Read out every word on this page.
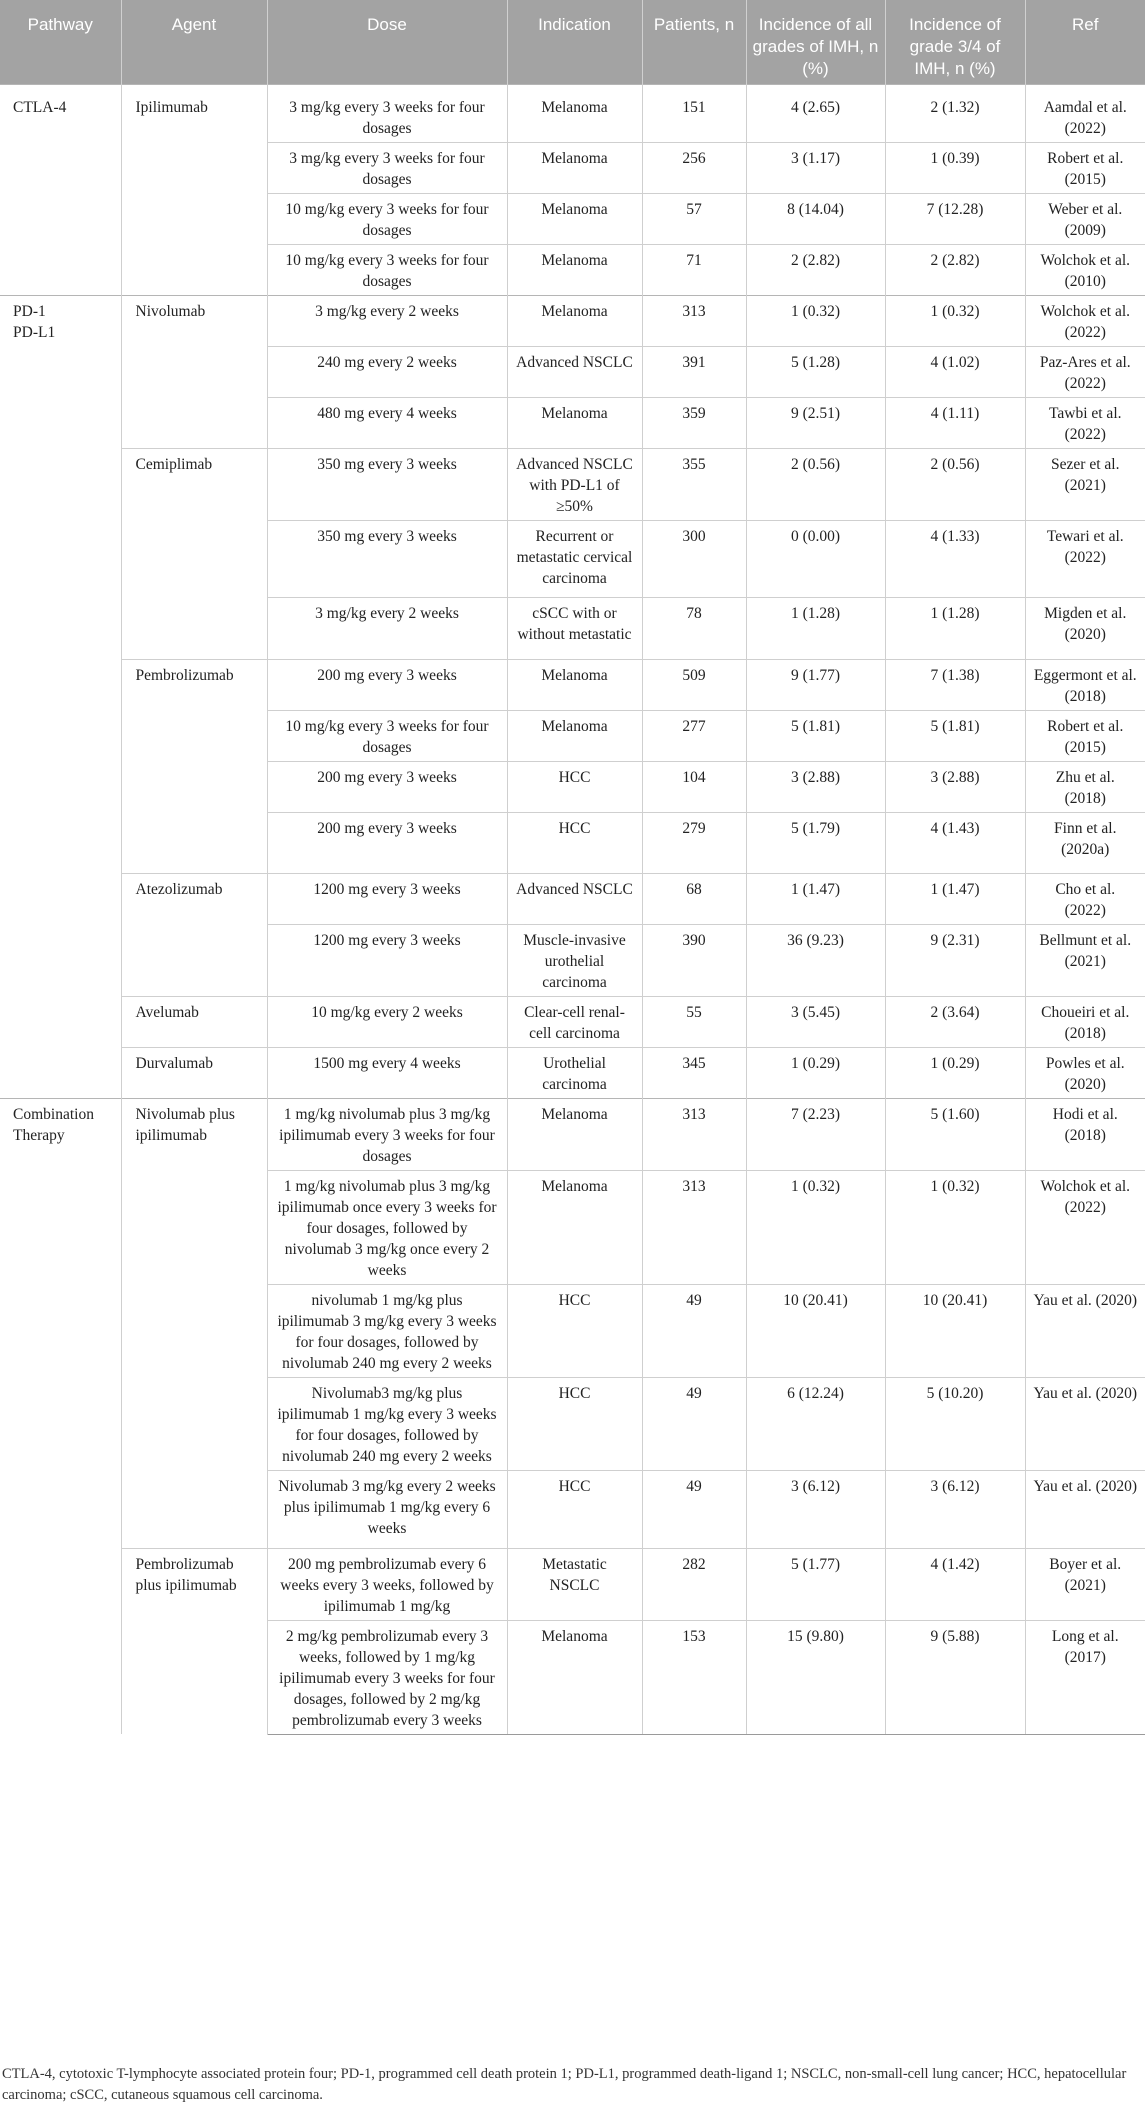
Pathway	Agent	Dose	Indication	Patients, n	Incidence of all grades of IMH, n (%)	Incidence of grade 3/4 of IMH, n (%)	Ref
CTLA-4	Ipilimumab	3 mg/kg every 3 weeks for four dosages	Melanoma	151	4 (2.65)	2 (1.32)	Aamdal et al. (2022)
		3 mg/kg every 3 weeks for four dosages	Melanoma	256	3 (1.17)	1 (0.39)	Robert et al. (2015)
		10 mg/kg every 3 weeks for four dosages	Melanoma	57	8 (14.04)	7 (12.28)	Weber et al. (2009)
		10 mg/kg every 3 weeks for four dosages	Melanoma	71	2 (2.82)	2 (2.82)	Wolchok et al. (2010)

PD-1 PD-L1	Nivolumab	3 mg/kg every 2 weeks	Melanoma	313	1 (0.32)	1 (0.32)	Wolchok et al. (2022)
		240 mg every 2 weeks	Advanced NSCLC	391	5 (1.28)	4 (1.02)	Paz-Ares et al. (2022)
		480 mg every 4 weeks	Melanoma	359	9 (2.51)	4 (1.11)	Tawbi et al. (2022)
	Cemiplimab	350 mg every 3 weeks	Advanced NSCLC with PD-L1 of ≥50%	355	2 (0.56)	2 (0.56)	Sezer et al. (2021)
		350 mg every 3 weeks	Recurrent or metastatic cervical carcinoma	300	0 (0.00)	4 (1.33)	Tewari et al. (2022)
		3 mg/kg every 2 weeks	cSCC with or without metastatic	78	1 (1.28)	1 (1.28)	Migden et al. (2020)
	Pembrolizumab	200 mg every 3 weeks	Melanoma	509	9 (1.77)	7 (1.38)	Eggermont et al. (2018)
		10 mg/kg every 3 weeks for four dosages	Melanoma	277	5 (1.81)	5 (1.81)	Robert et al. (2015)
		200 mg every 3 weeks	HCC	104	3 (2.88)	3 (2.88)	Zhu et al. (2018)
		200 mg every 3 weeks	HCC	279	5 (1.79)	4 (1.43)	Finn et al. (2020a)
	Atezolizumab	1200 mg every 3 weeks	Advanced NSCLC	68	1 (1.47)	1 (1.47)	Cho et al. (2022)
		1200 mg every 3 weeks	Muscle-invasive urothelial carcinoma	390	36 (9.23)	9 (2.31)	Bellmunt et al. (2021)
	Avelumab	10 mg/kg every 2 weeks	Clear-cell renal-cell carcinoma	55	3 (5.45)	2 (3.64)	Choueiri et al. (2018)
	Durvalumab	1500 mg every 4 weeks	Urothelial carcinoma	345	1 (0.29)	1 (0.29)	Powles et al. (2020)
Combination Therapy	Nivolumab plus ipilimumab	1 mg/kg nivolumab plus 3 mg/kg ipilimumab every 3 weeks for four dosages	Melanoma	313	7 (2.23)	5 (1.60)	Hodi et al. (2018)
		1 mg/kg nivolumab plus 3 mg/kg ipilimumab once every 3 weeks for four dosages, followed by nivolumab 3 mg/kg once every 2 weeks	Melanoma	313	1 (0.32)	1 (0.32)	Wolchok et al. (2022)
		nivolumab 1 mg/kg plus ipilimumab 3 mg/kg every 3 weeks for four dosages, followed by nivolumab 240 mg every 2 weeks	HCC	49	10 (20.41)	10 (20.41)	Yau et al. (2020)
		Nivolumab3 mg/kg plus ipilimumab 1 mg/kg every 3 weeks for four dosages, followed by nivolumab 240 mg every 2 weeks	HCC	49	6 (12.24)	5 (10.20)	Yau et al. (2020)
		Nivolumab 3 mg/kg every 2 weeks plus ipilimumab 1 mg/kg every 6 weeks	HCC	49	3 (6.12)	3 (6.12)	Yau et al. (2020)
	Pembrolizumab plus ipilimumab	200 mg pembrolizumab every 6 weeks every 3 weeks, followed by ipilimumab 1 mg/kg	Metastatic NSCLC	282	5 (1.77)	4 (1.42)	Boyer et al. (2021)
		2 mg/kg pembrolizumab every 3 weeks, followed by 1 mg/kg ipilimumab every 3 weeks for four dosages, followed by 2 mg/kg pembrolizumab every 3 weeks	Melanoma	153	15 (9.80)	9 (5.88)	Long et al. (2017)
CTLA-4, cytotoxic T-lymphocyte associated protein four; PD-1, programmed cell death protein 1; PD-L1, programmed death-ligand 1; NSCLC, non-small-cell lung cancer; HCC, hepatocellular carcinoma; cSCC, cutaneous squamous cell carcinoma.
